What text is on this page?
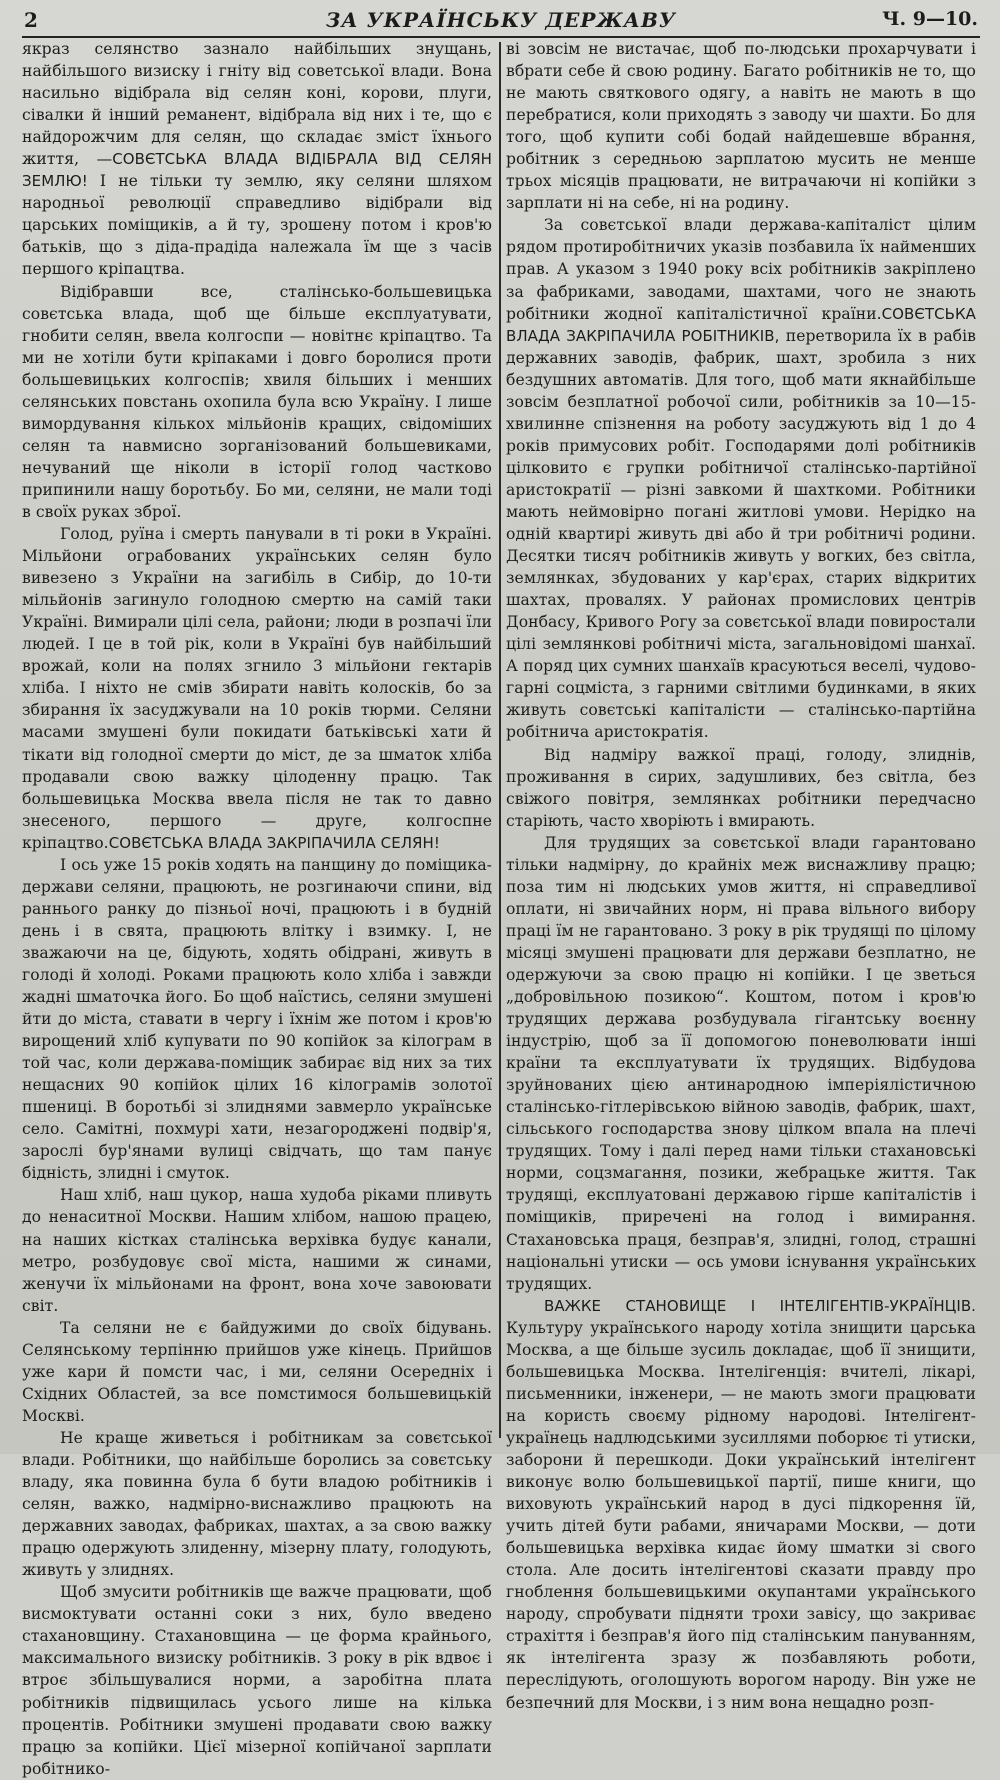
2	ЗА УКРАЇНСЬКУ ДЕРЖАВУ	Ч. 9—10.

якраз селянство зазнало найбільших знущань, найбільшого визиску і гніту від советської влади. Вона насильно відібрала від селян коні, корови, плуги, сівалки й інший реманент, відібрала від них і те, що є найдорожчим для селян, що складає зміст їхнього життя, —СОВЄТСЬКА ВЛАДА ВІДІБРАЛА ВІД СЕЛЯН ЗЕМЛЮ! І не тільки ту землю, яку селяни шляхом народньої революції справедливо відібрали від царських поміщиків, а й ту, зрошену потом і кров'ю батьків, що з діда-прадіда належала їм ще з часів першого кріпацтва.

Відібравши все, сталінсько-большевицька совєтська влада, щоб ще більше експлуатувати, гнобити селян, ввела колгоспи — новітнє кріпацтво. Та ми не хотіли бути кріпаками і довго боролися проти большевицьких колгоспів; хвиля більших і менших селянських повстань охопила була всю Україну. І лише вимордування кількох мільйонів кращих, свідоміших селян та навмисно зорганізований большевиками, нечуваний ще ніколи в історії голод частково припинили нашу боротьбу. Бо ми, селяни, не мали тоді в своїх руках зброї.

Голод, руїна і смерть панували в ті роки в Україні. Мільйони ограбованих українських селян було вивезено з України на загибіль в Сибір, до 10-ти мільйонів загинуло голодною смертю на самій таки Україні. Вимирали цілі села, райони; люди в розпачі їли людей. І це в той рік, коли в Україні був найбільший врожай, коли на полях згнило 3 мільйони гектарів хліба. І ніхто не смів збирати навіть колосків, бо за збирання їх засуджували на 10 років тюрми. Селяни масами змушені були покидати батьківські хати й тікати від голодної смерти до міст, де за шматок хліба продавали свою важку цілоденну працю. Так большевицька Москва ввела після не так то давно знесеного, першого — друге, колгоспне кріпацтво.СОВЄТСЬКА ВЛАДА ЗАКРІПАЧИЛА СЕЛЯН!

І ось уже 15 років ходять на панщину до поміщика-держави селяни, працюють, не розгинаючи спини, від раннього ранку до пізньої ночі, працюють і в будній день і в свята, працюють влітку і взимку. І, не зважаючи на це, бідують, ходять обідрані, живуть в голоді й холоді. Роками працюють коло хліба і завжди жадні шматочка його. Бо щоб наїстись, селяни змушені йти до міста, ставати в чергу і їхнім же потом і кров'ю вирощений хліб купувати по 90 копійок за кілограм в той час, коли держава-поміщик забирає від них за тих нещасних 90 копійок цілих 16 кілограмів золотої пшениці. В боротьбі зі злиднями завмерло українське село. Самітні, похмурі хати, незагороджені подвір'я, зарослі бур'янами вулиці свідчать, що там панує бідність, злидні і смуток.

Наш хліб, наш цукор, наша худоба ріками пливуть до ненаситної Москви. Нашим хлібом, нашою працею, на наших кістках сталінська верхівка будує канали, метро, розбудовує свої міста, нашими ж синами, женучи їх мільйонами на фронт, вона хоче завоювати світ.

Та селяни не є байдужими до своїх бідувань. Селянському терпінню прийшов уже кінець. Прийшов уже кари й помсти час, і ми, селяни Осередніх і Східних Областей, за все помстимося большевицькій Москві.

Не краще живеться і робітникам за совєтської влади. Робітники, що найбільше боролись за совєтську владу, яка повинна була б бути владою робітників і селян, важко, надмірно-виснажливо працюють на державних заводах, фабриках, шахтах, а за свою важку працю одержують злиденну, мізерну плату, голодують, живуть у злиднях.

Щоб змусити робітників ще важче працювати, щоб висмоктувати останні соки з них, було введено стахановщину. Стахановщина — це форма крайнього, максимального визиску робітників. З року в рік вдвоє і втроє збільшувалися норми, а заробітна плата робітників підвищилась усього лише на кілька процентів. Робітники змушені продавати свою важку працю за копійки. Цієї мізерної копійчаної зарплати робітнико-

ві зовсім не вистачає, щоб по-людськи прохарчувати і вбрати себе й свою родину. Багато робітників не то, що не мають святкового одягу, а навіть не мають в що перебратися, коли приходять з заводу чи шахти. Бо для того, щоб купити собі бодай найдешевше вбрання, робітник з середньою зарплатою мусить не менше трьох місяців працювати, не витрачаючи ні копійки з зарплати ні на себе, ні на родину.

За совєтської влади держава-капіталіст цілим рядом протиробітничих указів позбавила їх найменших прав. А указом з 1940 року всіх робітників закріплено за фабриками, заводами, шахтами, чого не знають робітники жодної капіталістичної країни.СОВЄТСЬКА ВЛАДА ЗАКРІПАЧИЛА РОБІТНИКІВ, перетворила їх в рабів державних заводів, фабрик, шахт, зробила з них бездушних автоматів. Для того, щоб мати якнайбільше зовсім безплатної робочої сили, робітників за 10—15-хвилинне спізнення на роботу засуджують від 1 до 4 років примусових робіт. Господарями долі робітників цілковито є групки робітничої сталінсько-партійної аристократії — різні завкоми й шахткоми. Робітники мають неймовірно погані житлові умови. Нерідко на одній квартирі живуть дві або й три робітничі родини. Десятки тисяч робітників живуть у вогких, без світла, землянках, збудованих у кар'єрах, старих відкритих шахтах, провалях. У районах промислових центрів Донбасу, Кривого Рогу за совєтської влади повиростали цілі землянкові робітничі міста, загальновідомі шанхаї. А поряд цих сумних шанхаїв красуються веселі, чудово-гарні соцміста, з гарними світлими будинками, в яких живуть совєтські капіталісти — сталінсько-партійна робітнича аристократія.

Від надміру важкої праці, голоду, злиднів, проживання в сирих, задушливих, без світла, без свіжого повітря, землянках робітники передчасно старіють, часто хворіють і вмирають.

Для трудящих за совєтської влади гарантовано тільки надмірну, до крайніх меж виснажливу працю; поза тим ні людських умов життя, ні справедливої оплати, ні звичайних норм, ні права вільного вибору праці їм не гарантовано. З року в рік трудящі по цілому місяці змушені працювати для держави безплатно, не одержуючи за свою працю ні копійки. І це зветься „добровільною позикою“. Коштом, потом і кров'ю трудящих держава розбудувала гігантську воєнну індустрію, щоб за її допомогою поневолювати інші країни та експлуатувати їх трудящих. Відбудова зруйнованих цією антинародною імперіялістичною сталінсько-гітлерівською війною заводів, фабрик, шахт, сільського господарства знову цілком впала на плечі трудящих. Тому і далі перед нами тільки стахановські норми, соцзмагання, позики, жебрацьке життя. Так трудящі, експлуатовані державою гірше капіталістів і поміщиків, приречені на голод і вимирання. Стахановська праця, безправ'я, злидні, голод, страшні національні утиски — ось умови існування українських трудящих.

ВАЖКЕ СТАНОВИЩЕ І ІНТЕЛІГЕНТІВ-УКРАЇНЦІВ. Культуру українського народу хотіла знищити царська Москва, а ще більше зусиль докладає, щоб її знищити, большевицька Москва. Інтелігенція: вчителі, лікарі, письменники, інженери, — не мають змоги працювати на користь своєму рідному народові. Інтелігент-українець надлюдськими зусиллями поборює ті утиски, заборони й перешкоди. Доки український інтелігент виконує волю большевицької партії, пише книги, що виховують український народ в дусі підкорення їй, учить дітей бути рабами, яничарами Москви, — доти большевицька верхівка кидає йому шматки зі свого стола. Але досить інтелігентові сказати правду про гноблення большевицькими окупантами українського народу, спробувати підняти трохи завісу, що закриває страхіття і безправ'я його під сталінським пануванням, як інтелігента зразу ж позбавляють роботи, переслідують, оголошують ворогом народу. Він уже не безпечний для Москви, і з ним вона нещадно розп-
